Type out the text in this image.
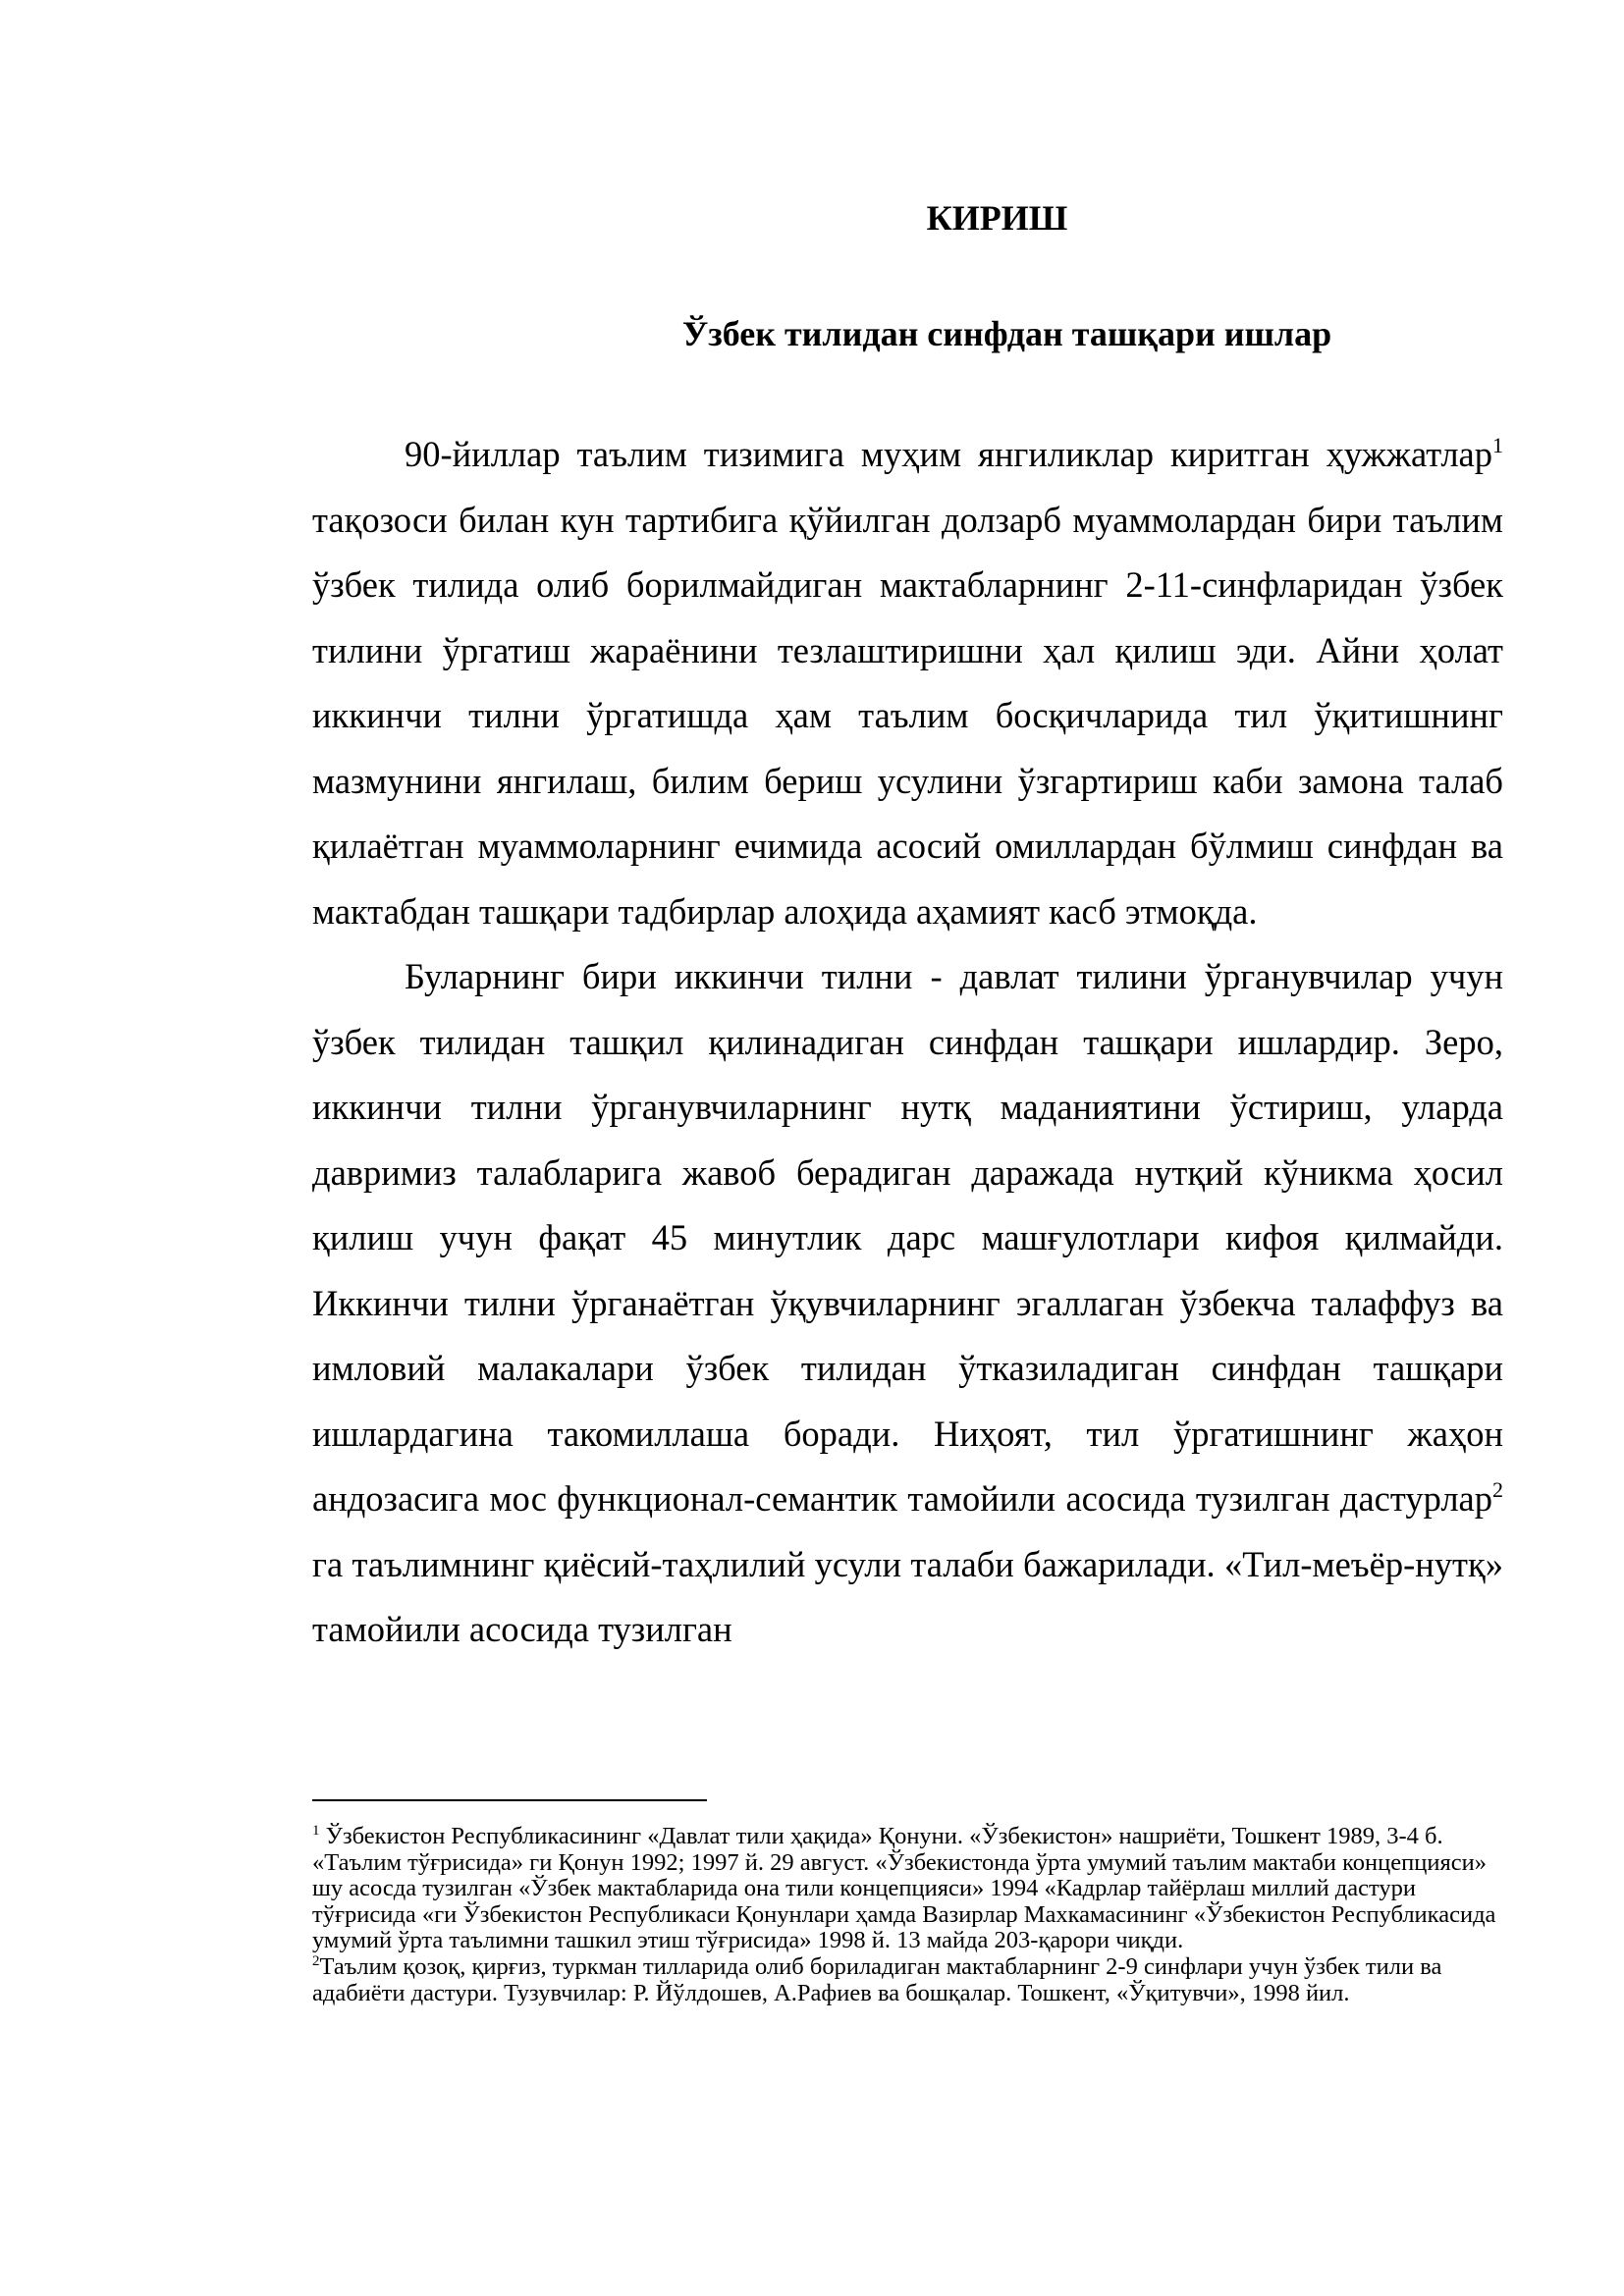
КИРИШ
Ўзбек тилидан синфдан ташқари ишлар

90-йиллар таълим тизимига муҳим янгиликлар киритган ҳужжатлар$^1$ тақозоси билан кун тартибига қўйилган долзарб муаммолардан бири таълим ўзбек тилида олиб борилмайдиган мактабларнинг 2-11-синфларидан ўзбек тилини ўргатиш жараёнини тезлаштиришни ҳал қилиш эди. Айни ҳолат иккинчи тилни ўргатишда ҳам таълим босқичларида тил ўқитишнинг мазмунини янгилаш, билим бериш усулини ўзгартириш каби замона талаб қилаётган муаммоларнинг ечимида асосий омиллардан бўлмиш синфдан ва мактабдан ташқари тадбирлар алоҳида аҳамият касб этмоқда.

Буларнинг бири иккинчи тилни - давлат тилини ўрганувчилар учун ўзбек тилидан ташқил қилинадиган синфдан ташқари ишлардир. Зеро, иккинчи тилни ўрганувчиларнинг нутқ маданиятини ўстириш, уларда давримиз талабларига жавоб берадиган даражада нутқий кўникма ҳосил қилиш учун фақат 45 минутлик дарс машғулотлари кифоя қилмайди. Иккинчи тилни ўрганаётган ўқувчиларнинг эгаллаган ўзбекча талаффуз ва имловий малакалари ўзбек тилидан ўтказиладиган синфдан ташқари ишлардагина такомиллаша боради. Ниҳоят, тил ўргатишнинг жаҳон андозасига мос функционал-семантик тамойили асосида тузилган дастурлар$^2$ га таълимнинг қиёсий-таҳлилий усули талаби бажарилади. «Тил-меъёр-нутқ» тамойили асосида тузилган

$^1$ Ўзбекистон Республикасининг «Давлат тили ҳақида» Қонуни. «Ўзбекистон» нашриёти, Тошкент 1989, 3-4 б. «Таълим тўғрисида» ги Қонун 1992; 1997 й. 29 август. «Ўзбекистонда ўрта умумий таълим мактаби концепцияси» шу асосда тузилган «Ўзбек мактабларида она тили концепцияси» 1994 «Кадрлар тайёрлаш миллий дастури тўғрисида «ги Ўзбекистон Республикаси Қонунлари ҳамда Вазирлар Махкамасининг «Ўзбекистон Республикасида умумий ўрта таълимни ташкил этиш тўғрисида» 1998 й. 13 майда 203-қарори чиқди.

$^2$Таълим қозоқ, қирғиз, туркман тилларида олиб бориладиган мактабларнинг 2-9 синфлари учун ўзбек тили ва адабиёти дастури. Тузувчилар: Р. Йўлдошев, А.Рафиев ва бошқалар. Тошкент, «Ўқитувчи», 1998 йил.
